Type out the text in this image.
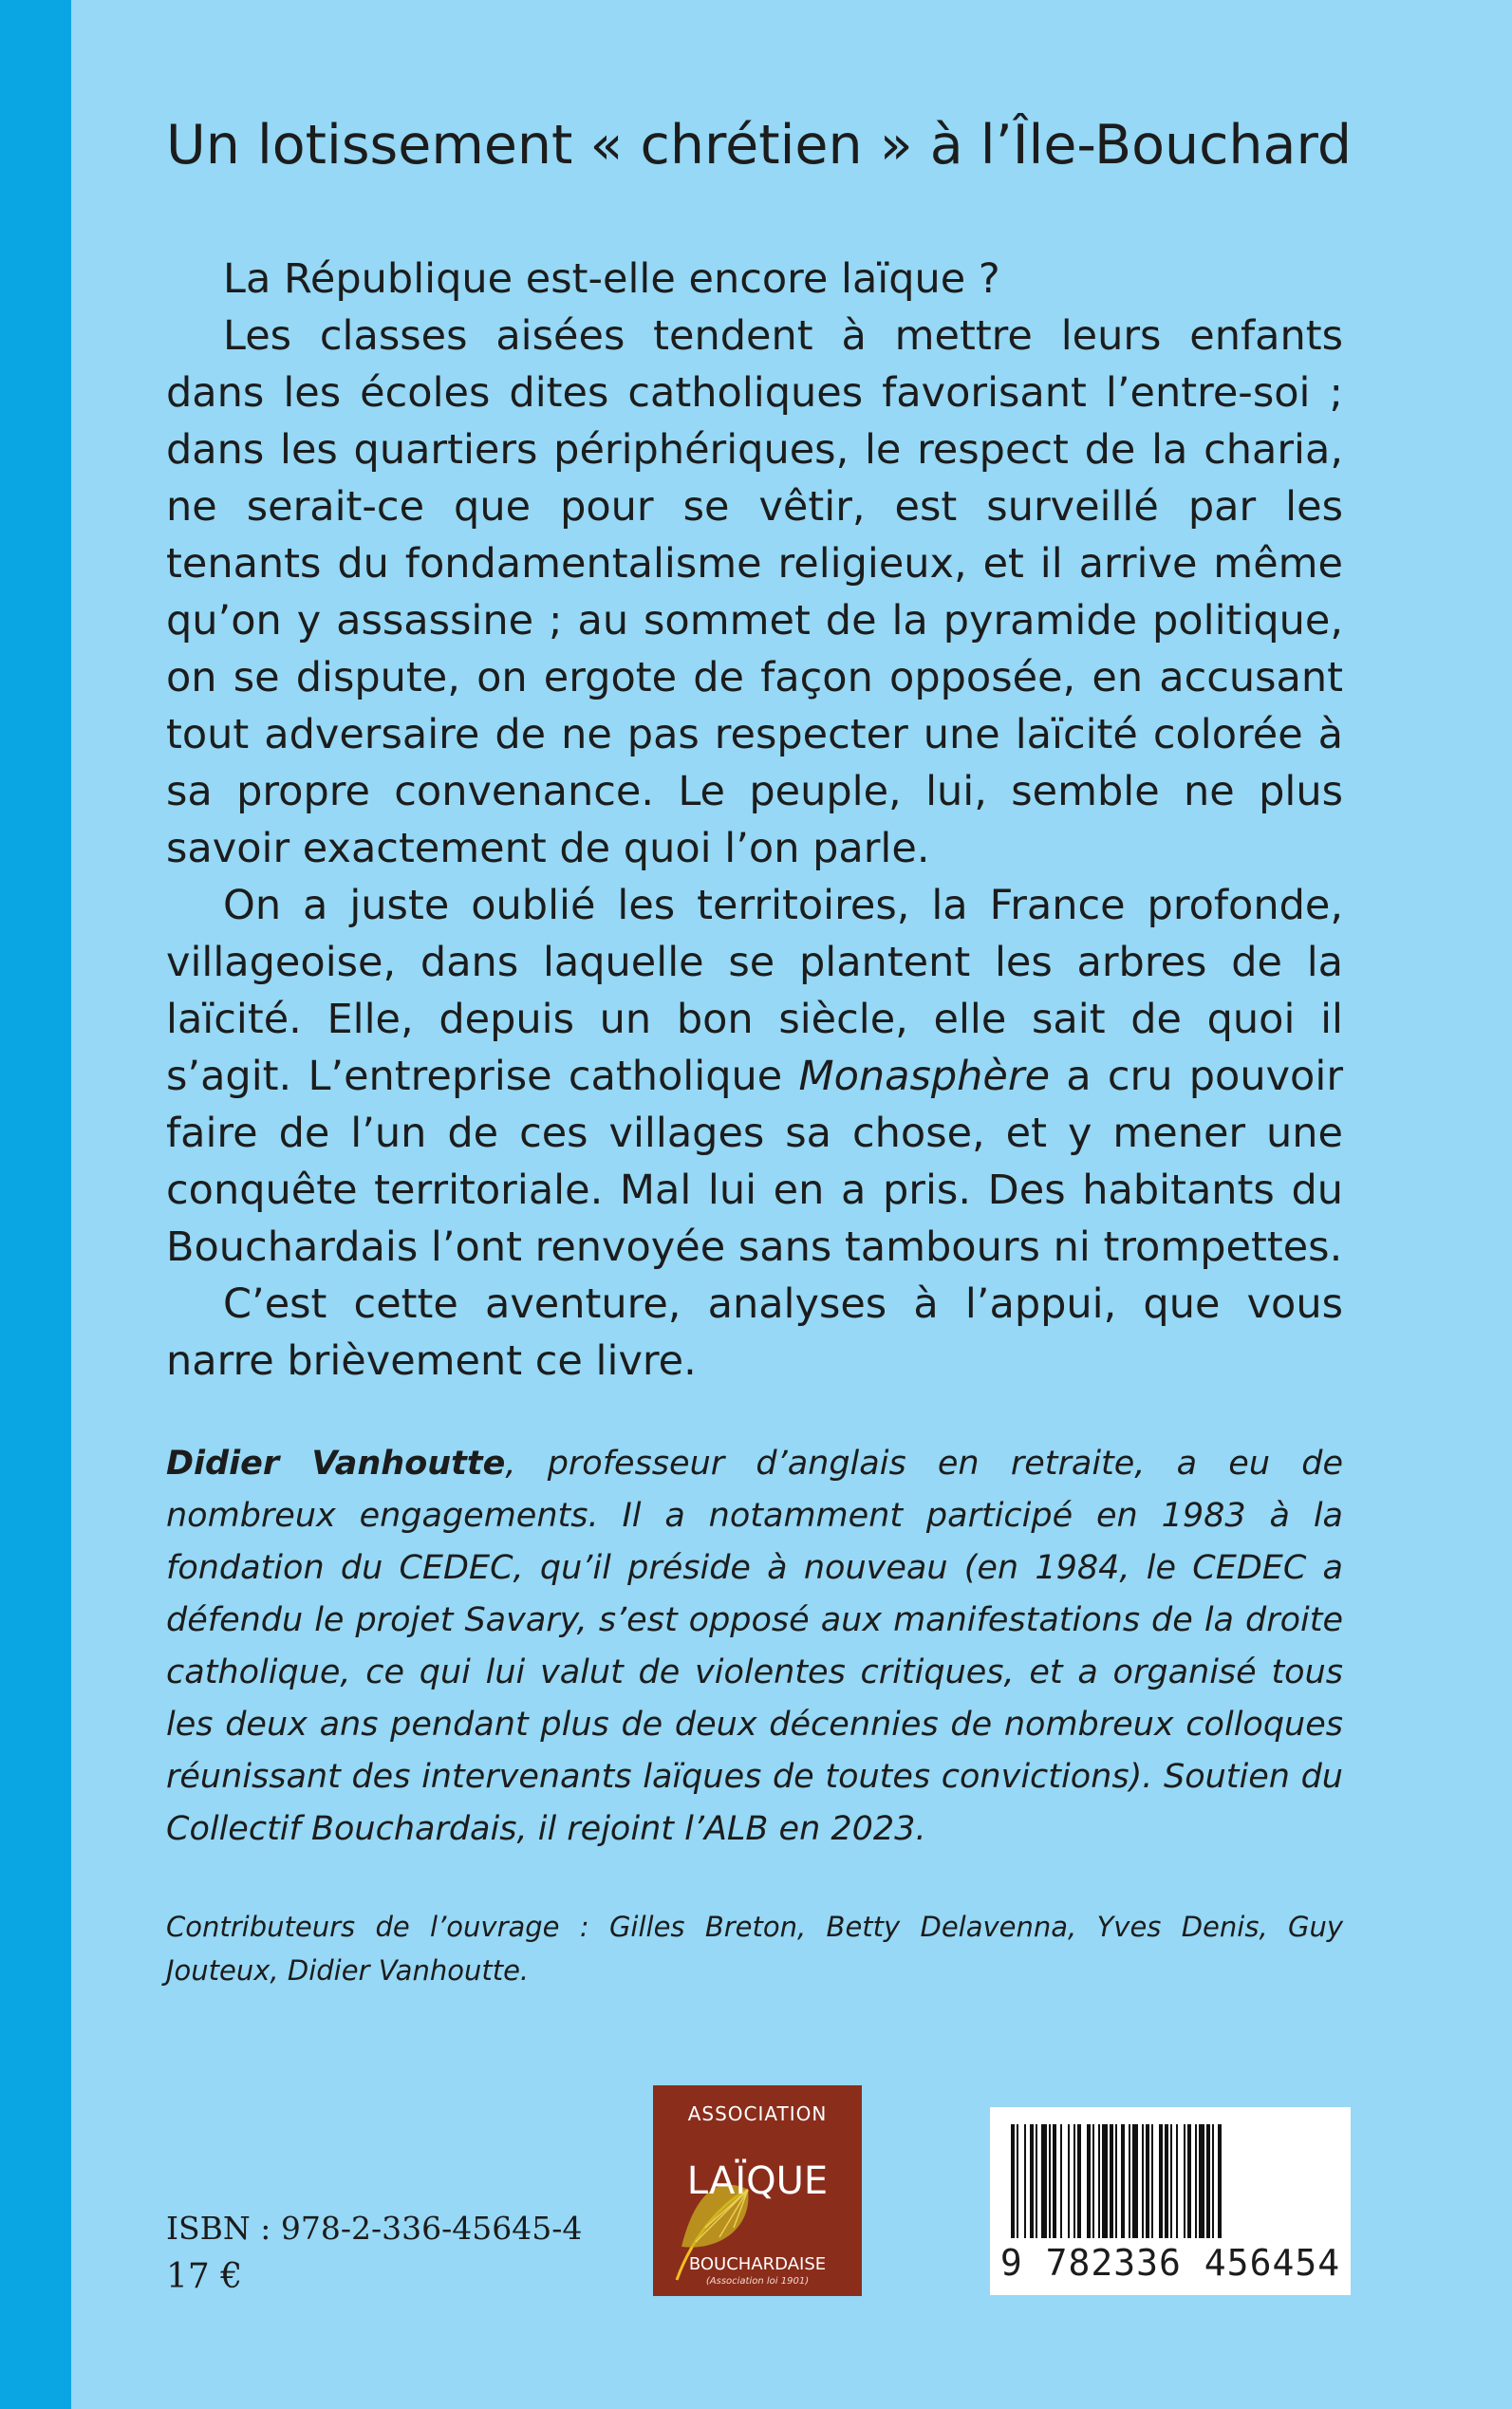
Un lotissement « chrétien » à l’Île-Bouchard

La République est-elle encore laïque ?

Les classes aisées tendent à mettre leurs enfants dans les écoles dites catholiques favorisant l’entre-soi ; dans les quartiers périphériques, le respect de la charia, ne serait-ce que pour se vêtir, est surveillé par les tenants du fondamentalisme religieux, et il arrive même qu’on y assassine ; au sommet de la pyramide politique, on se dispute, on ergote de façon opposée, en accusant tout adversaire de ne pas respecter une laïcité colorée à sa propre convenance. Le peuple, lui, semble ne plus savoir exactement de quoi l’on parle.

On a juste oublié les territoires, la France profonde, villageoise, dans laquelle se plantent les arbres de la laïcité. Elle, depuis un bon siècle, elle sait de quoi il s’agit. L’entreprise catholique Monasphère a cru pouvoir faire de l’un de ces villages sa chose, et y mener une conquête territoriale. Mal lui en a pris. Des habitants du Bouchardais l’ont renvoyée sans tambours ni trompettes.

C’est cette aventure, analyses à l’appui, que vous narre brièvement ce livre.

Didier Vanhoutte, professeur d’anglais en retraite, a eu de nombreux engagements. Il a notamment participé en 1983 à la fondation du CEDEC, qu’il préside à nouveau (en 1984, le CEDEC a défendu le projet Savary, s’est opposé aux manifestations de la droite catholique, ce qui lui valut de violentes critiques, et a organisé tous les deux ans pendant plus de deux décennies de nombreux colloques réunissant des intervenants laïques de toutes convictions). Soutien du Collectif Bouchardais, il rejoint l’ALB en 2023.
Contributeurs de l’ouvrage : Gilles Breton, Betty Delavenna, Yves Denis, Guy Jouteux, Didier Vanhoutte.
ISBN : 978-2-336-45645-4
17 €
ASSOCIATION
LAÏQUE
BOUCHARDAISE
(Association loi 1901)	9 782336 456454
